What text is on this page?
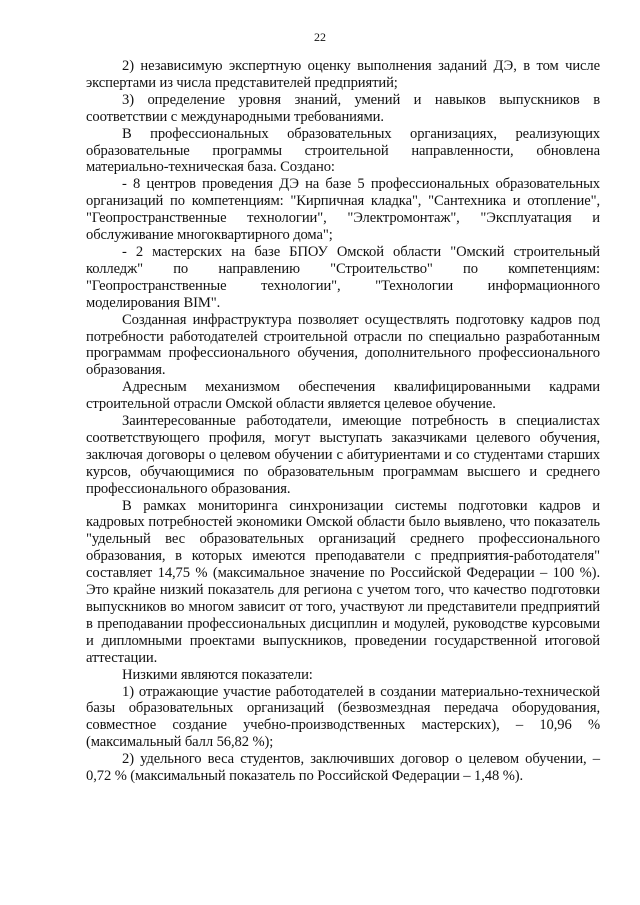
22

2) независимую экспертную оценку выполнения заданий ДЭ, в том числе экспертами из числа представителей предприятий;

3) определение уровня знаний, умений и навыков выпускников в соответствии с международными требованиями.

В профессиональных образовательных организациях, реализующих образовательные программы строительной направленности, обновлена материально-техническая база. Создано:

- 8 центров проведения ДЭ на базе 5 профессиональных образовательных организаций по компетенциям: "Кирпичная кладка", "Сантехника и отопление", "Геопространственные технологии", "Электромонтаж", "Эксплуатация и обслуживание многоквартирного дома";

- 2 мастерских на базе БПОУ Омской области "Омский строительный колледж" по направлению "Строительство" по компетенциям: "Геопространственные технологии", "Технологии информационного моделирования BIM".

Созданная инфраструктура позволяет осуществлять подготовку кадров под потребности работодателей строительной отрасли по специально разработанным программам профессионального обучения, дополнительного профессионального образования.

Адресным механизмом обеспечения квалифицированными кадрами строительной отрасли Омской области является целевое обучение.

Заинтересованные работодатели, имеющие потребность в специалистах соответствующего профиля, могут выступать заказчиками целевого обучения, заключая договоры о целевом обучении с абитуриентами и со студентами старших курсов, обучающимися по образовательным программам высшего и среднего профессионального образования.

В рамках мониторинга синхронизации системы подготовки кадров и кадровых потребностей экономики Омской области было выявлено, что показатель "удельный вес образовательных организаций среднего профессионального образования, в которых имеются преподаватели с предприятия-работодателя" составляет 14,75 % (максимальное значение по Российской Федерации – 100 %). Это крайне низкий показатель для региона с учетом того, что качество подготовки выпускников во многом зависит от того, участвуют ли представители предприятий в преподавании профессиональных дисциплин и модулей, руководстве курсовыми и дипломными проектами выпускников, проведении государственной итоговой аттестации.

Низкими являются показатели:

1) отражающие участие работодателей в создании материально-технической базы образовательных организаций (безвозмездная передача оборудования, совместное создание учебно-производственных мастерских), – 10,96 % (максимальный балл 56,82 %);

2) удельного веса студентов, заключивших договор о целевом обучении, – 0,72 % (максимальный показатель по Российской Федерации – 1,48 %).
